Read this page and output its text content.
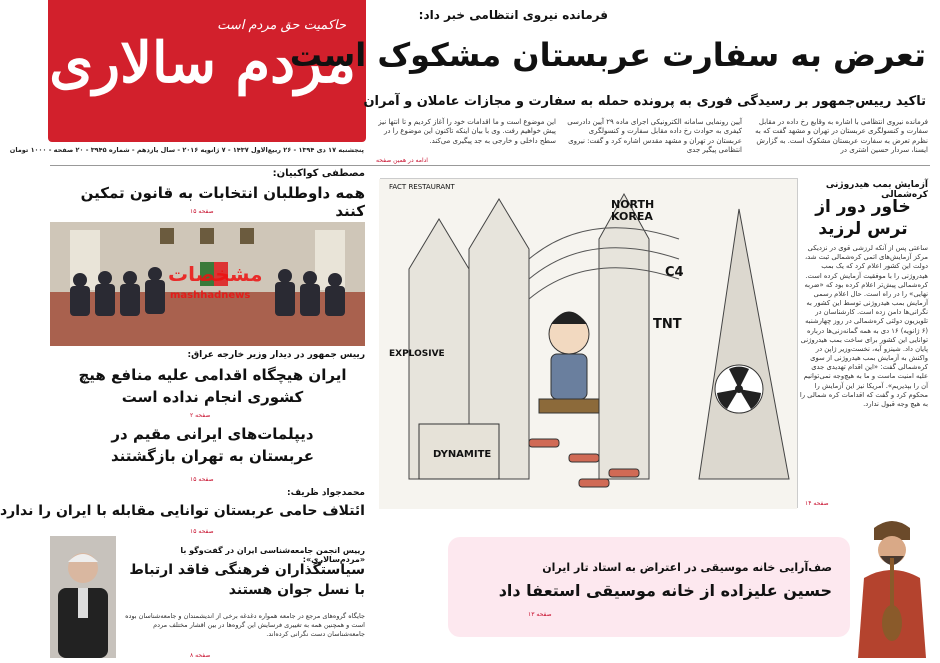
حاکمیت حق مردم است
مردم سالاری
پنجشنبه ۱۷ دی ۱۳۹۴ - ۲۶ ربیع‌الاول ۱۴۳۷ - ۷ ژانویه ۲۰۱۶ - سال یازدهم - شماره ۳۹۴۵ - ۲۰ صفحه - ۱۰۰۰ تومان
فرمانده نیروی انتظامی خبر داد:
تعرض به سفارت عربستان مشکوک است
تاکید رییس‌جمهور بر رسیدگی فوری به پرونده حمله به سفارت و مجازات عاملان و آمران
فرمانده نیروی انتظامی با اشاره به وقایع رخ داده در مقابل سفارت و کنسولگری عربستان در تهران و مشهد گفت که به نظرم تعرض به سفارت عربستان مشکوک است. به گزارش ایسنا، سردار حسین اشتری در
آیین رونمایی سامانه الکترونیکی اجرای ماده ۲۹ آیین دادرسی کیفری به حوادث رخ داده مقابل سفارت و کنسولگری عربستان در تهران و مشهد مقدس اشاره کرد و گفت: نیروی انتظامی پیگیر جدی
این موضوع است و ما اقدامات خود را آغاز کردیم و تا انتها نیز پیش خواهیم رفت. وی با بیان اینکه تاکنون این موضوع را در سطح داخلی و خارجی به جد پیگیری می‌کند.
ادامه در همین صفحه
مصطفی کواکبیان:
همه داوطلبان انتخابات به قانون تمکین کنند
صفحه ۱۵
مشخصات
mashhadnews
رییس جمهور در دیدار وزیر خارجه عراق:
ایران هیچگاه اقدامی علیه منافع هیچ کشوری انجام نداده است
صفحه ۲
دیپلمات‌های ایرانی مقیم در عربستان به تهران بازگشتند
صفحه ۱۵
محمدجواد ظریف:
ائتلاف حامی عربستان توانایی مقابله با ایران را ندارد
صفحه ۱۵
رییس انجمن جامعه‌شناسی ایران در گفت‌وگو با «مردم‌سالاری»:
سیاستگذاران فرهنگی فاقد ارتباط با نسل جوان هستند
جایگاه گروه‌های مرجع در جامعه همواره دغدغه برخی از اندیشمندان و جامعه‌شناسان بوده است و همچنین همه به تغییری فرسایش این گروه‌ها در بین اقشار مختلف مردم جامعه‌شناسان دست نگرانی کرده‌اند.
صفحه ۸
NORTH KOREA
C4
TNT
EXPLOSIVE
DYNAMITE
FACT RESTAURANT
صفحه ۱۴
آزمایش بمب هیدروژنی کره‌شمالی
خاور دور از ترس لرزید
ساعتی پس از آنکه لرزشی قوی در نزدیکی مرکز آزمایش‌های اتمی کره‌شمالی ثبت شد، دولت این کشور اعلام کرد که یک بمب هیدروژنی را با موفقیت آزمایش کرده است. کره‌شمالی پیش‌تر اعلام کرده بود که «ضربه نهایی» را در راه است. حال اعلام رسمی آزمایش بمب هیدروژنی توسط این کشور به نگرانی‌ها دامن زده است. کارشناسان در تلویزیون دولتی کره‌شمالی در روز چهارشنبه (۶ ژانویه) ۱۶ دی به همه گمانه‌زنی‌ها درباره توانایی این کشور برای ساخت بمب هیدروژنی پایان داد. شینزو آبه، نخست‌وزیر ژاپن در واکنش به آزمایش بمب هیدروژنی از سوی کره‌شمالی گفت: «این اقدام تهدیدی جدی علیه امنیت ماست و ما به هیچ‌وجه نمی‌توانیم آن را بپذیریم». آمریکا نیز این آزمایش را محکوم کرد و گفت که اقدامات کره شمالی را به هیچ وجه قبول ندارد.
صف‌آرایی خانه موسیقی در اعتراض به استاد تار ایران
حسین علیزاده از خانه موسیقی استعفا داد
صفحه ۱۳
